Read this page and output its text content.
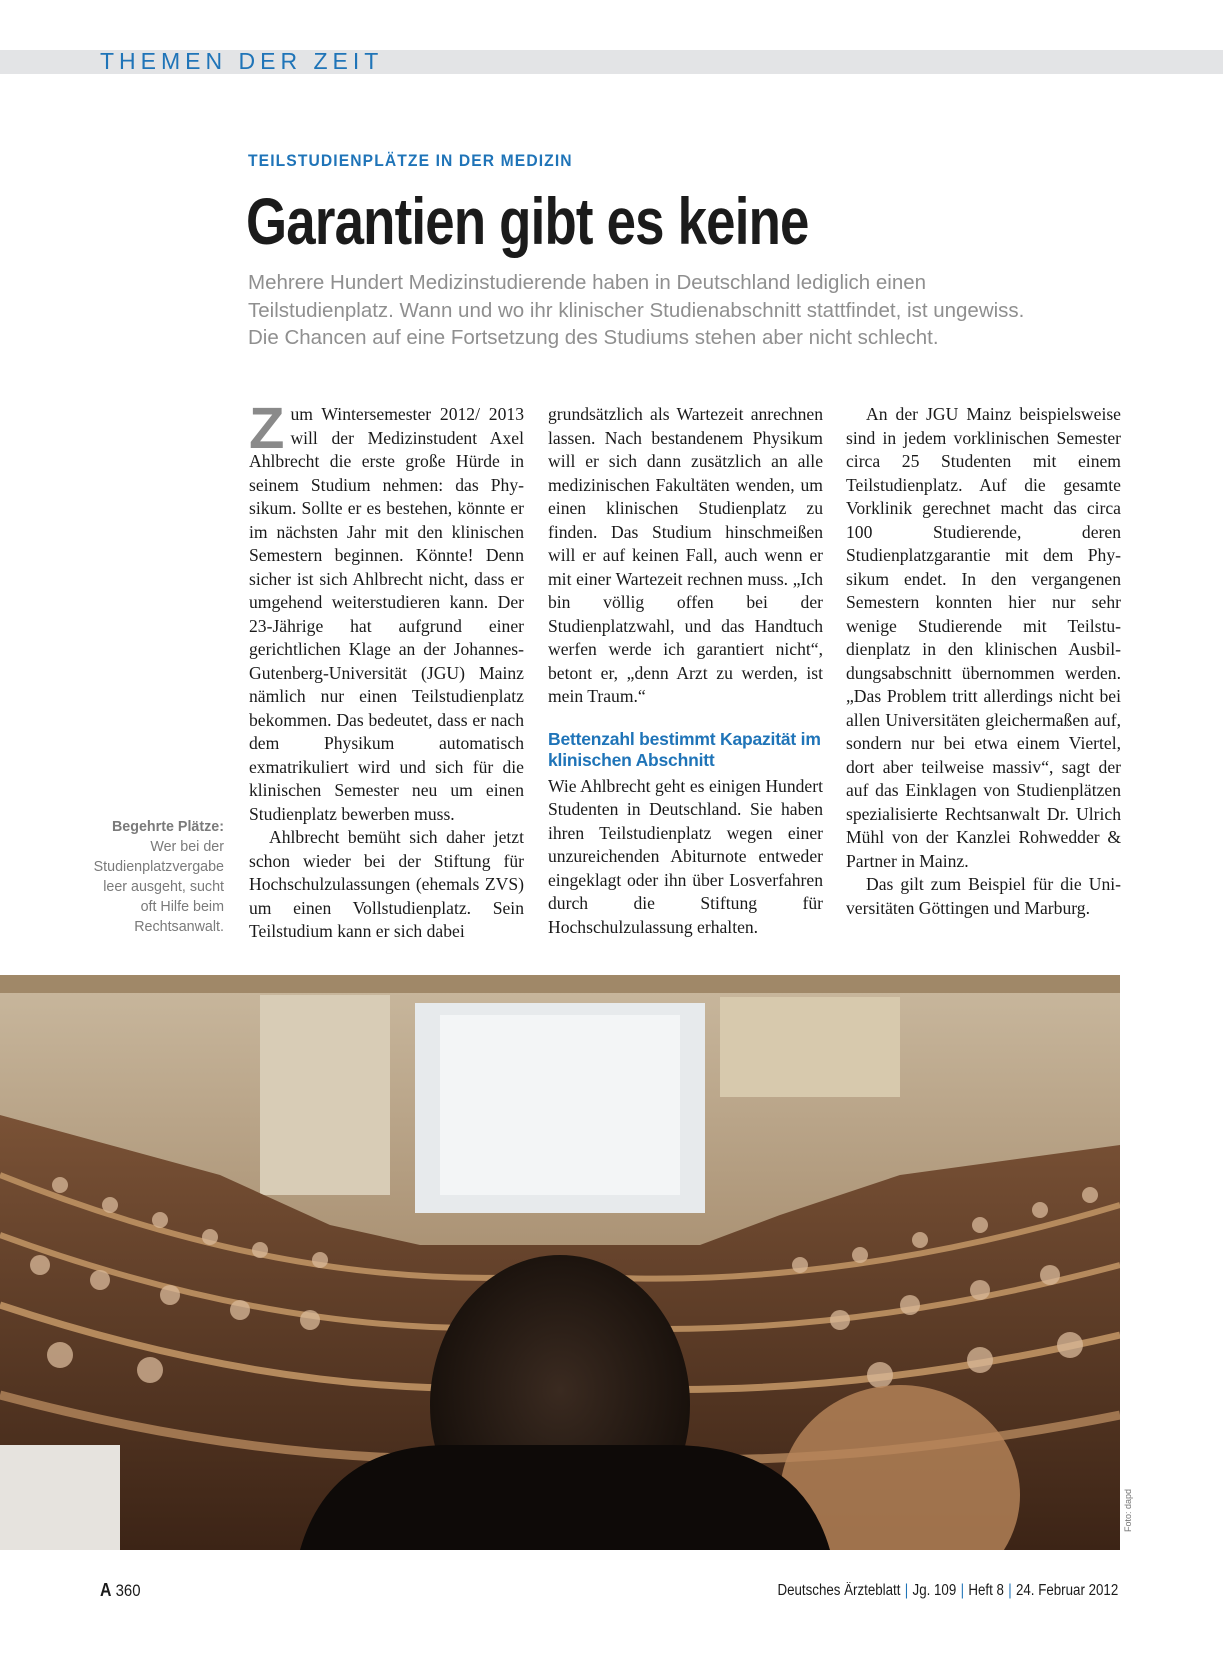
THEMEN DER ZEIT
TEILSTUDIENPLÄTZE IN DER MEDIZIN
Garantien gibt es keine

Mehrere Hundert Medizinstudierende haben in Deutschland lediglich einen

Teilstudienplatz. Wann und wo ihr klinischer Studienabschnitt stattfindet, ist ungewiss.

Die Chancen auf eine Fortsetzung des Studiums stehen aber nicht schlecht.

Begehrte Plätze:
Wer bei der
Studienplatzvergabe
leer ausgeht, sucht
oft Hilfe beim
Rechtsanwalt.

Zum Wintersemester 2012/ 2013 will der Medizinstudent Axel Ahlbrecht die erste große Hürde in seinem Studium nehmen: das Physikum. Sollte er es bestehen, könnte er im nächsten Jahr mit den klinischen Semestern beginnen. Könnte! Denn sicher ist sich Ahlbrecht nicht, dass er umgehend weiterstudieren kann. Der 23-Jährige hat aufgrund einer gerichtlichen Klage an der Johannes-Gutenberg-Universität (JGU) Mainz nämlich nur einen Teilstudienplatz bekommen. Das bedeutet, dass er nach dem Physikum automatisch exmatrikuliert wird und sich für die klinischen Semester neu um einen Studienplatz bewerben muss.

Ahlbrecht bemüht sich daher jetzt schon wieder bei der Stiftung für Hochschulzulassungen (ehemals ZVS) um einen Vollstudienplatz. Sein Teilstudium kann er sich dabei

grundsätzlich als Wartezeit anrechnen lassen. Nach bestandenem Physikum will er sich dann zusätzlich an alle medizinischen Fakultäten wenden, um einen klinischen Studienplatz zu finden. Das Studium hinschmeißen will er auf keinen Fall, auch wenn er mit einer Wartezeit rechnen muss. „Ich bin völlig offen bei der Studienplatzwahl, und das Handtuch werfen werde ich garantiert nicht“, betont er, „denn Arzt zu werden, ist mein Traum.“

Bettenzahl bestimmt Kapazität im klinischen Abschnitt

Wie Ahlbrecht geht es einigen Hundert Studenten in Deutschland. Sie haben ihren Teilstudienplatz wegen einer unzureichenden Abiturnote entweder eingeklagt oder ihn über Losverfahren durch die Stiftung für Hochschulzulassung erhalten.

An der JGU Mainz beispielsweise sind in jedem vorklinischen Semester circa 25 Studenten mit einem Teilstudienplatz. Auf die gesamte Vorklinik gerechnet macht das circa 100 Studierende, deren Studienplatzgarantie mit dem Physikum endet. In den vergangenen Semestern konnten hier nur sehr wenige Studierende mit Teilstudienplatz in den klinischen Ausbildungsabschnitt übernommen werden. „Das Problem tritt allerdings nicht bei allen Universitäten gleichermaßen auf, sondern nur bei etwa einem Viertel, dort aber teilweise massiv“, sagt der auf das Einklagen von Studienplätzen spezialisierte Rechtsanwalt Dr. Ulrich Mühl von der Kanzlei Rohwedder & Partner in Mainz.

Das gilt zum Beispiel für die Universitäten Göttingen und Marburg.

Foto: dapd
A 360	Deutsches Ärzteblatt | Jg. 109 | Heft 8 | 24. Februar 2012
